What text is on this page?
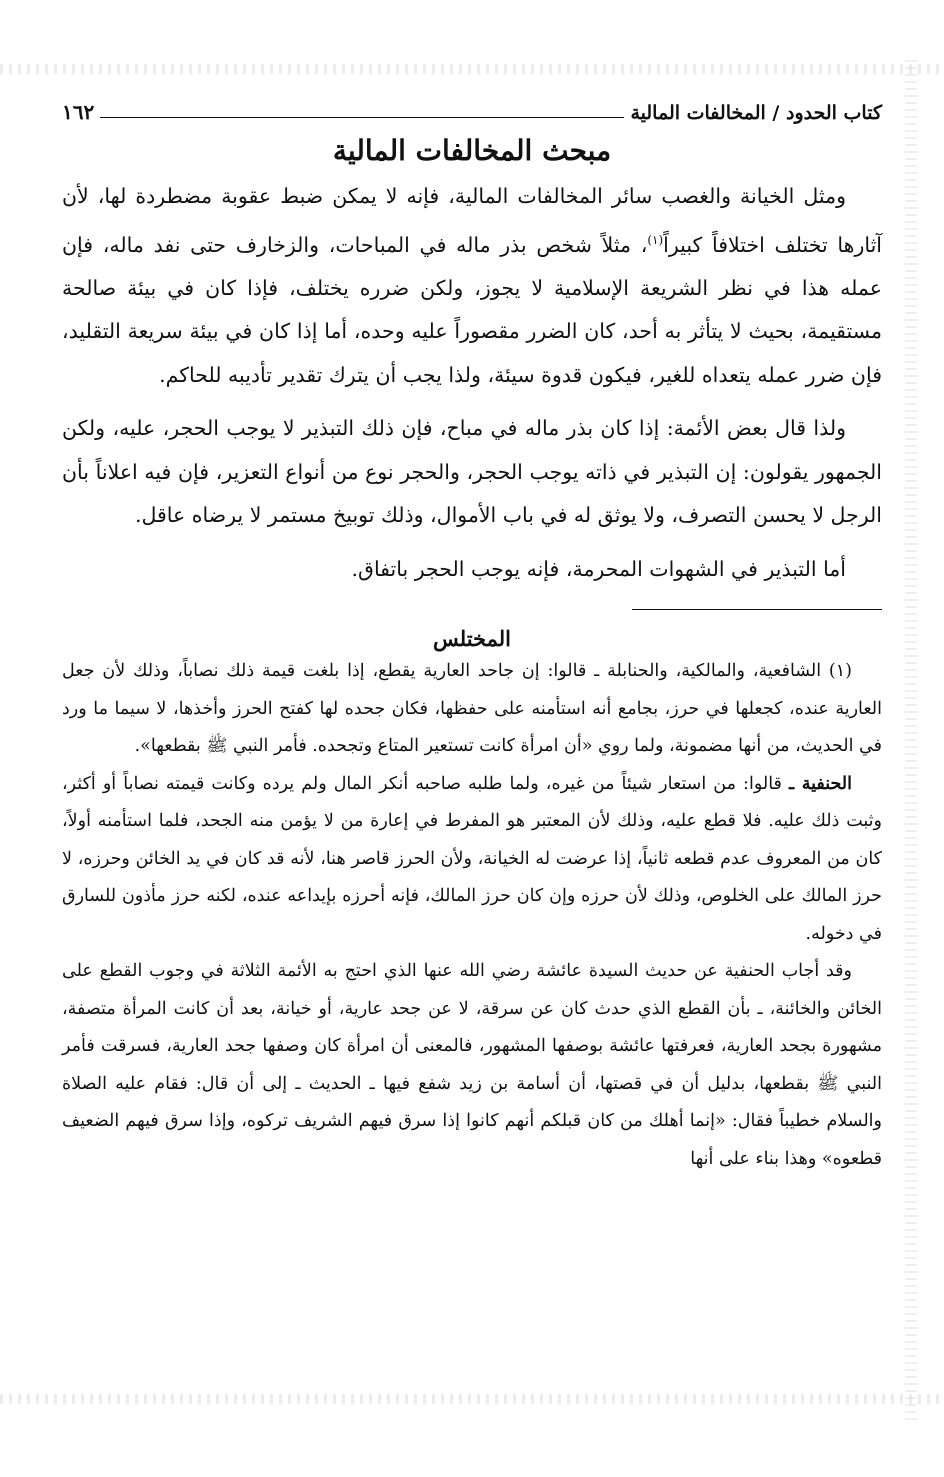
كتاب الحدود / المخالفات المالية
١٦٢
مبحث المخالفات المالية

ومثل الخيانة والغصب سائر المخالفات المالية، فإنه لا يمكن ضبط عقوبة مضطردة لها، لأن آثارها تختلف اختلافاً كبيراً$^{(١)}$، مثلاً شخص بذر ماله في المباحات، والزخارف حتى نفد ماله، فإن عمله هذا في نظر الشريعة الإسلامية لا يجوز، ولكن ضرره يختلف، فإذا كان في بيئة صالحة مستقيمة، بحيث لا يتأثر به أحد، كان الضرر مقصوراً عليه وحده، أما إذا كان في بيئة سريعة التقليد، فإن ضرر عمله يتعداه للغير، فيكون قدوة سيئة، ولذا يجب أن يترك تقدير تأديبه للحاكم.

ولذا قال بعض الأئمة: إذا كان بذر ماله في مباح، فإن ذلك التبذير لا يوجب الحجر، عليه، ولكن الجمهور يقولون: إن التبذير في ذاته يوجب الحجر، والحجر نوع من أنواع التعزير، فإن فيه اعلاناً بأن الرجل لا يحسن التصرف، ولا يوثق له في باب الأموال، وذلك توبيخ مستمر لا يرضاه عاقل.

أما التبذير في الشهوات المحرمة، فإنه يوجب الحجر باتفاق.

المختلس

(١) الشافعية، والمالكية، والحنابلة ـ قالوا: إن جاحد العارية يقطع، إذا بلغت قيمة ذلك نصاباً، وذلك لأن جعل العارية عنده، كجعلها في حرز، بجامع أنه استأمنه على حفظها، فكان جحده لها كفتح الحرز وأخذها، لا سيما ما ورد في الحديث، من أنها مضمونة، ولما روي «أن امرأة كانت تستعير المتاع وتجحده. فأمر النبي ﷺ بقطعها».

الحنفية ـ قالوا: من استعار شيئاً من غيره، ولما طلبه صاحبه أنكر المال ولم يرده وكانت قيمته نصاباً أو أكثر، وثبت ذلك عليه. فلا قطع عليه، وذلك لأن المعتبر هو المفرط في إعارة من لا يؤمن منه الجحد، فلما استأمنه أولاً، كان من المعروف عدم قطعه ثانياً، إذا عرضت له الخيانة، ولأن الحرز قاصر هنا، لأنه قد كان في يد الخائن وحرزه، لا حرز المالك على الخلوص، وذلك لأن حرزه وإن كان حرز المالك، فإنه أحرزه بإيداعه عنده، لكنه حرز مأذون للسارق في دخوله.

وقد أجاب الحنفية عن حديث السيدة عائشة رضي الله عنها الذي احتج به الأئمة الثلاثة في وجوب القطع على الخائن والخائنة، ـ بأن القطع الذي حدث كان عن سرقة، لا عن جحد عارية، أو خيانة، بعد أن كانت المرأة متصفة، مشهورة بجحد العارية، فعرفتها عائشة بوصفها المشهور، فالمعنى أن امرأة كان وصفها جحد العارية، فسرقت فأمر النبي ﷺ بقطعها، بدليل أن في قصتها، أن أسامة بن زيد شفع فيها ـ الحديث ـ إلى أن قال: فقام عليه الصلاة والسلام خطيباً فقال: «إنما أهلك من كان قبلكم أنهم كانوا إذا سرق فيهم الشريف تركوه، وإذا سرق فيهم الضعيف قطعوه» وهذا بناء على أنها
